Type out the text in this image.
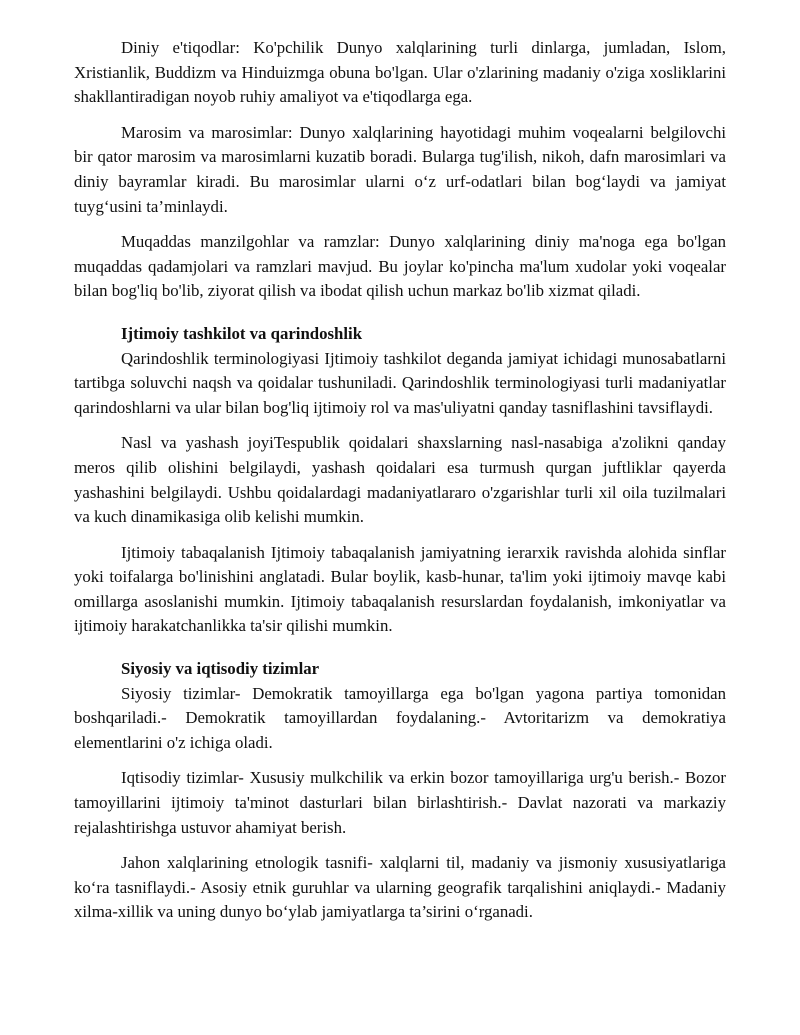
Diniy e'tiqodlar: Ko'pchilik Dunyo xalqlarining turli dinlarga, jumladan, Islom, Xristianlik, Buddizm va Hinduizmga obuna bo'lgan. Ular o'zlarining madaniy o'ziga xosliklarini shakllantiradigan noyob ruhiy amaliyot va e'tiqodlarga ega.

Marosim va marosimlar: Dunyo xalqlarining hayotidagi muhim voqealarni belgilovchi bir qator marosim va marosimlarni kuzatib boradi. Bularga tug'ilish, nikoh, dafn marosimlari va diniy bayramlar kiradi. Bu marosimlar ularni o‘z urf-odatlari bilan bog‘laydi va jamiyat tuyg‘usini ta’minlaydi.

Muqaddas manzilgohlar va ramzlar: Dunyo xalqlarining diniy ma'noga ega bo'lgan muqaddas qadamjolari va ramzlari mavjud. Bu joylar ko'pincha ma'lum xudolar yoki voqealar bilan bog'liq bo'lib, ziyorat qilish va ibodat qilish uchun markaz bo'lib xizmat qiladi.

Ijtimoiy tashkilot va qarindoshlik

Qarindoshlik terminologiyasi Ijtimoiy tashkilot deganda jamiyat ichidagi munosabatlarni tartibga soluvchi naqsh va qoidalar tushuniladi. Qarindoshlik terminologiyasi turli madaniyatlar qarindoshlarni va ular bilan bog'liq ijtimoiy rol va mas'uliyatni qanday tasniflashini tavsiflaydi.

Nasl va yashash joyiTespublik qoidalari shaxslarning nasl-nasabiga a'zolikni qanday meros qilib olishini belgilaydi, yashash qoidalari esa turmush qurgan juftliklar qayerda yashashini belgilaydi. Ushbu qoidalardagi madaniyatlararo o'zgarishlar turli xil oila tuzilmalari va kuch dinamikasiga olib kelishi mumkin.

Ijtimoiy tabaqalanish Ijtimoiy tabaqalanish jamiyatning ierarxik ravishda alohida sinflar yoki toifalarga bo'linishini anglatadi. Bular boylik, kasb-hunar, ta'lim yoki ijtimoiy mavqe kabi omillarga asoslanishi mumkin. Ijtimoiy tabaqalanish resurslardan foydalanish, imkoniyatlar va ijtimoiy harakatchanlikka ta'sir qilishi mumkin.

Siyosiy va iqtisodiy tizimlar

Siyosiy tizimlar- Demokratik tamoyillarga ega bo'lgan yagona partiya tomonidan boshqariladi.- Demokratik tamoyillardan foydalaning.- Avtoritarizm va demokratiya elementlarini o'z ichiga oladi.

Iqtisodiy tizimlar- Xususiy mulkchilik va erkin bozor tamoyillariga urg'u berish.- Bozor tamoyillarini ijtimoiy ta'minot dasturlari bilan birlashtirish.- Davlat nazorati va markaziy rejalashtirishga ustuvor ahamiyat berish.

Jahon xalqlarining etnologik tasnifi- xalqlarni til, madaniy va jismoniy xususiyatlariga ko‘ra tasniflaydi.- Asosiy etnik guruhlar va ularning geografik tarqalishini aniqlaydi.- Madaniy xilma-xillik va uning dunyo bo‘ylab jamiyatlarga ta’sirini o‘rganadi.
